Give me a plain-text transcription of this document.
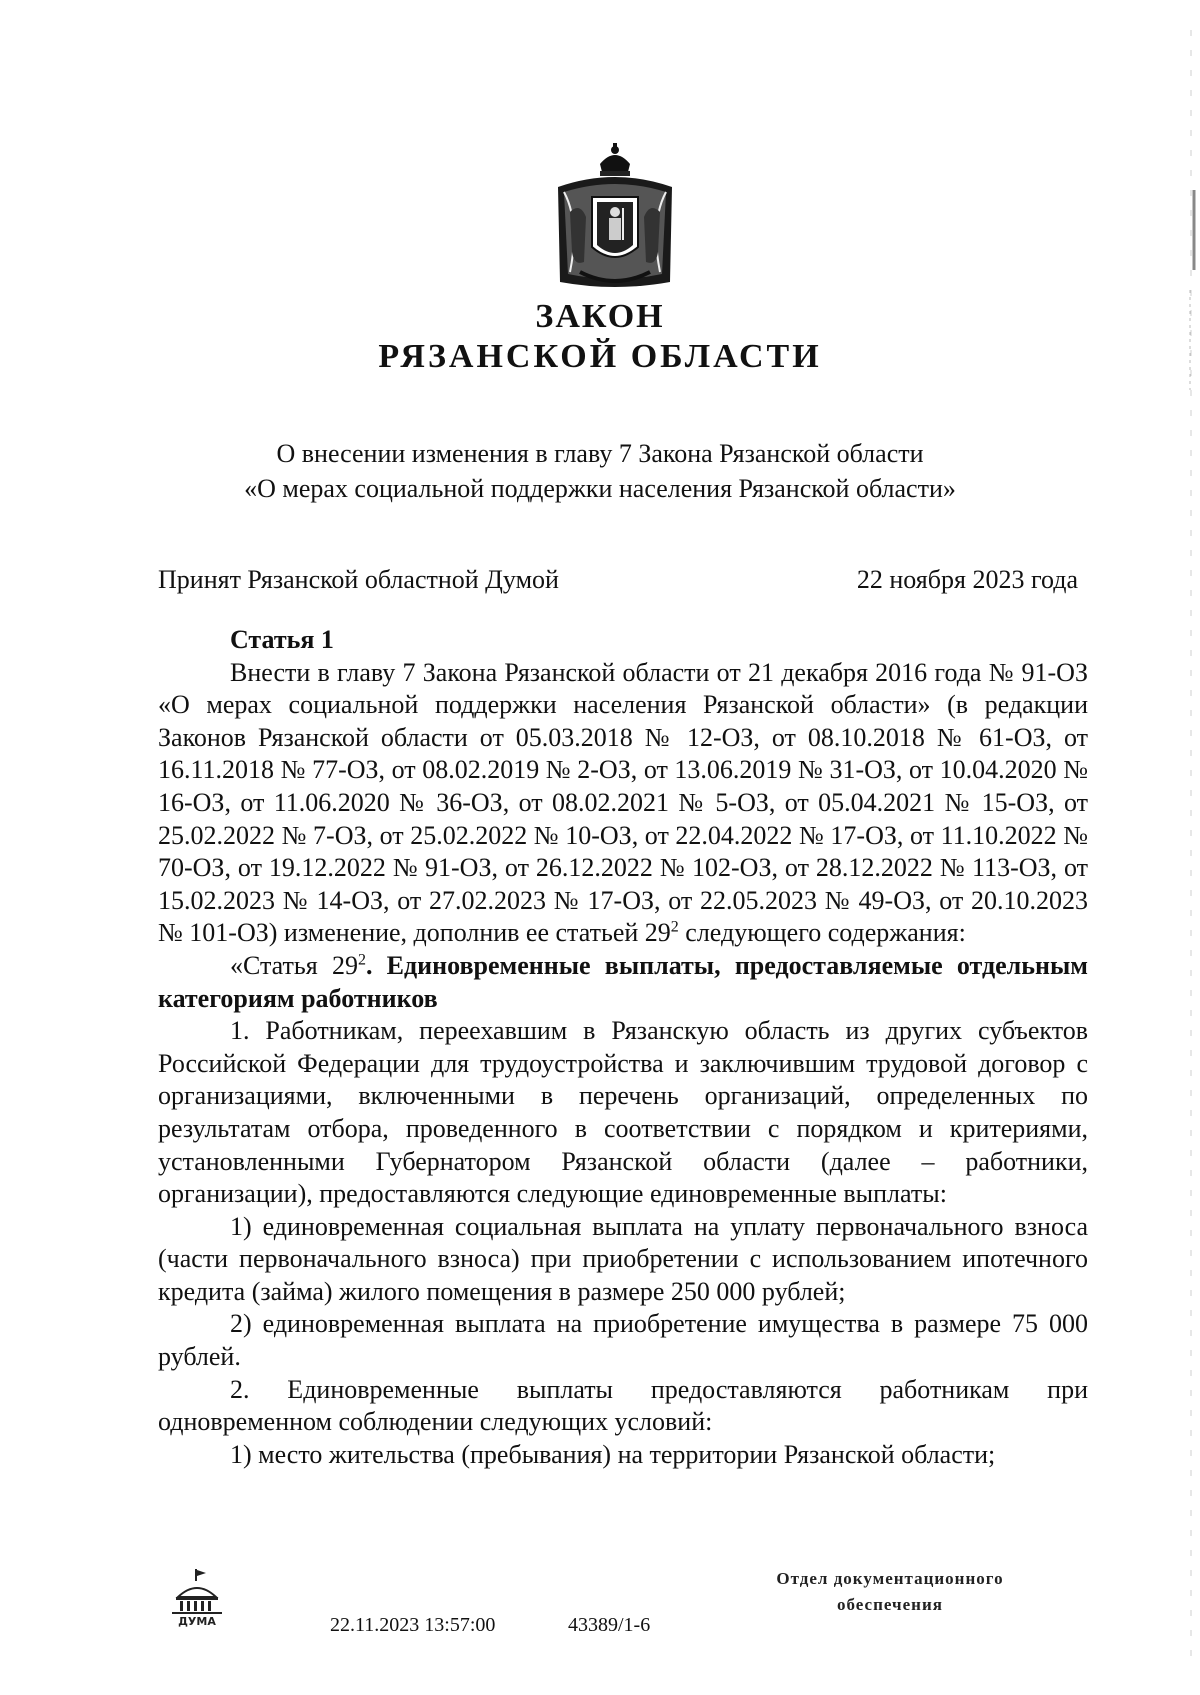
ЗАКОН
РЯЗАНСКОЙ ОБЛАСТИ
О внесении изменения в главу 7 Закона Рязанской области
«О мерах социальной поддержки населения Рязанской области»
Принят Рязанской областной Думой	22 ноября 2023 года

Статья 1

Внести в главу 7 Закона Рязанской области от 21 декабря 2016 года № 91-ОЗ «О мерах социальной поддержки населения Рязанской области» (в редакции Законов Рязанской области от 05.03.2018 № 12-ОЗ, от 08.10.2018 № 61-ОЗ, от 16.11.2018 № 77-ОЗ, от 08.02.2019 № 2-ОЗ, от 13.06.2019 № 31-ОЗ, от 10.04.2020 № 16-ОЗ, от 11.06.2020 № 36-ОЗ, от 08.02.2021 № 5-ОЗ, от 05.04.2021 № 15-ОЗ, от 25.02.2022 № 7-ОЗ, от 25.02.2022 № 10-ОЗ, от 22.04.2022 № 17-ОЗ, от 11.10.2022 № 70-ОЗ, от 19.12.2022 № 91-ОЗ, от 26.12.2022 № 102-ОЗ, от 28.12.2022 № 113-ОЗ, от 15.02.2023 № 14-ОЗ, от 27.02.2023 № 17-ОЗ, от 22.05.2023 № 49-ОЗ, от 20.10.2023 № 101-ОЗ) изменение, дополнив ее статьей $29^2$ следующего содержания:

«Статья $29^2$. Единовременные выплаты, предоставляемые отдельным категориям работников

1. Работникам, переехавшим в Рязанскую область из других субъектов Российской Федерации для трудоустройства и заключившим трудовой договор с организациями, включенными в перечень организаций, определенных по результатам отбора, проведенного в соответствии с порядком и критериями, установленными Губернатором Рязанской области (далее – работники, организации), предоставляются следующие единовременные выплаты:

1) единовременная социальная выплата на уплату первоначального взноса (части первоначального взноса) при приобретении с использованием ипотечного кредита (займа) жилого помещения в размере 250 000 рублей;

2) единовременная выплата на приобретение имущества в размере 75 000 рублей.

2. Единовременные выплаты предоставляются работникам при одновременном соблюдении следующих условий:

1) место жительства (пребывания) на территории Рязанской области;

ДУМА	22.11.2023 13:57:00	43389/1-6
Отдел документационного
обеспечения
